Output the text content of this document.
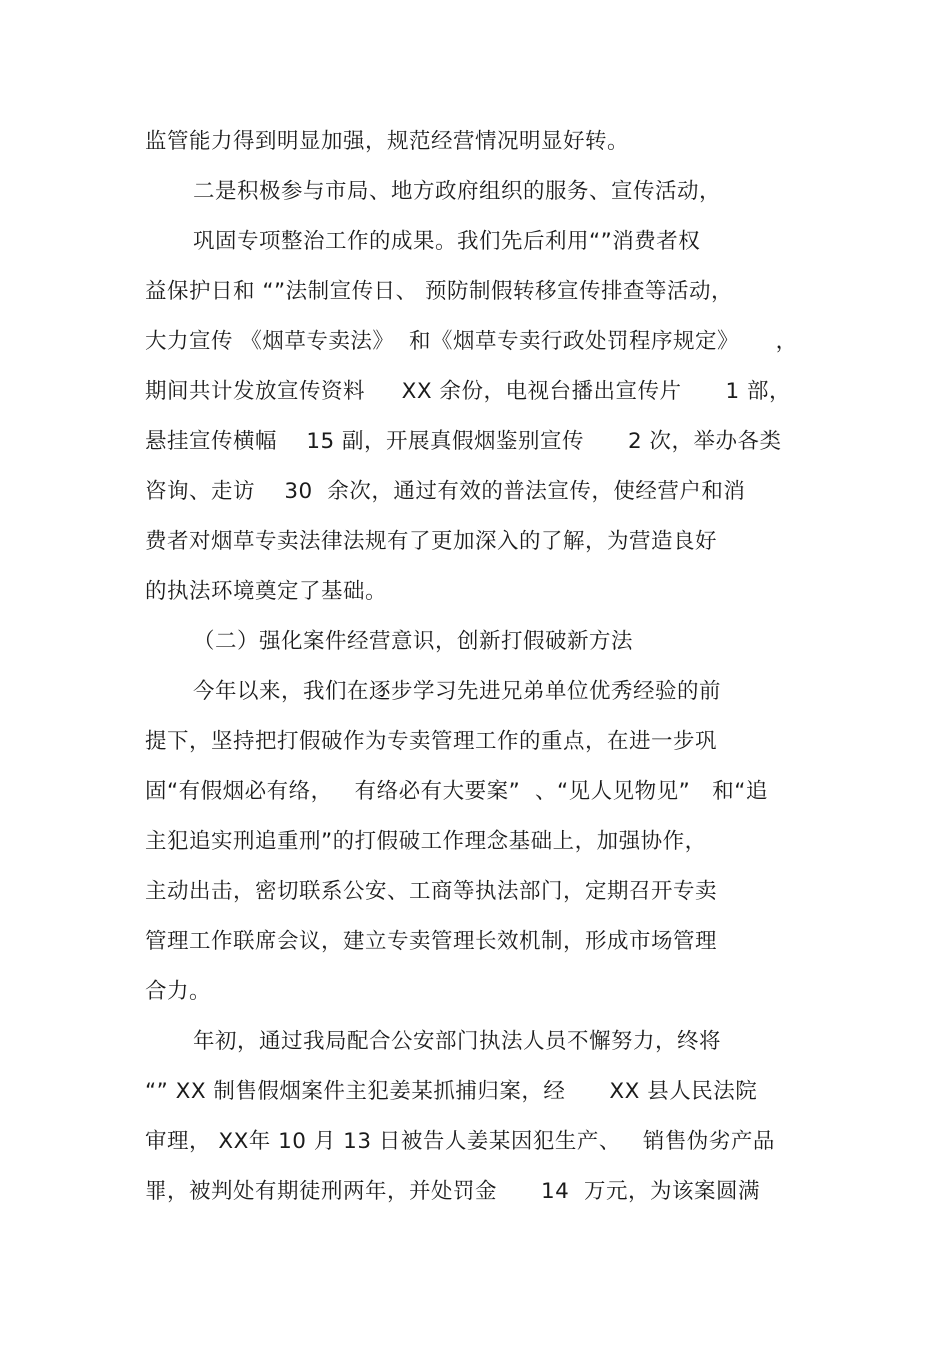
监管能力得到明显加强，规范经营情况明显好转。
二是积极参与市局、地方政府组织的服务、宣传活动，
巩固专项整治工作的成果。我们先后利用“”消费者权
益保护日和 “”法制宣传日、 预防制假转移宣传排查等活动，
大力宣传 《烟草专卖法》  和《烟草专卖行政处罚程序规定》     ，
期间共计发放宣传资料     XX 余份，电视台播出宣传片      1 部，
悬挂宣传横幅    15 副，开展真假烟鉴别宣传      2 次，举办各类
咨询、走访    30  余次，通过有效的普法宣传，使经营户和消
费者对烟草专卖法律法规有了更加深入的了解，为营造良好
的执法环境奠定了基础。
（二）强化案件经营意识，创新打假破新方法
今年以来，我们在逐步学习先进兄弟单位优秀经验的前
提下，坚持把打假破作为专卖管理工作的重点，在进一步巩
固“有假烟必有络，   有络必有大要案”  、“见人见物见”   和“追
主犯追实刑追重刑”的打假破工作理念基础上，加强协作，
主动出击，密切联系公安、工商等执法部门，定期召开专卖
管理工作联席会议，建立专卖管理长效机制，形成市场管理
合力。
年初，通过我局配合公安部门执法人员不懈努力，终将
“” XX 制售假烟案件主犯姜某抓捕归案，经      XX 县人民法院
审理， XX年 10 月 13 日被告人姜某因犯生产、   销售伪劣产品
罪，被判处有期徒刑两年，并处罚金      14  万元，为该案圆满
